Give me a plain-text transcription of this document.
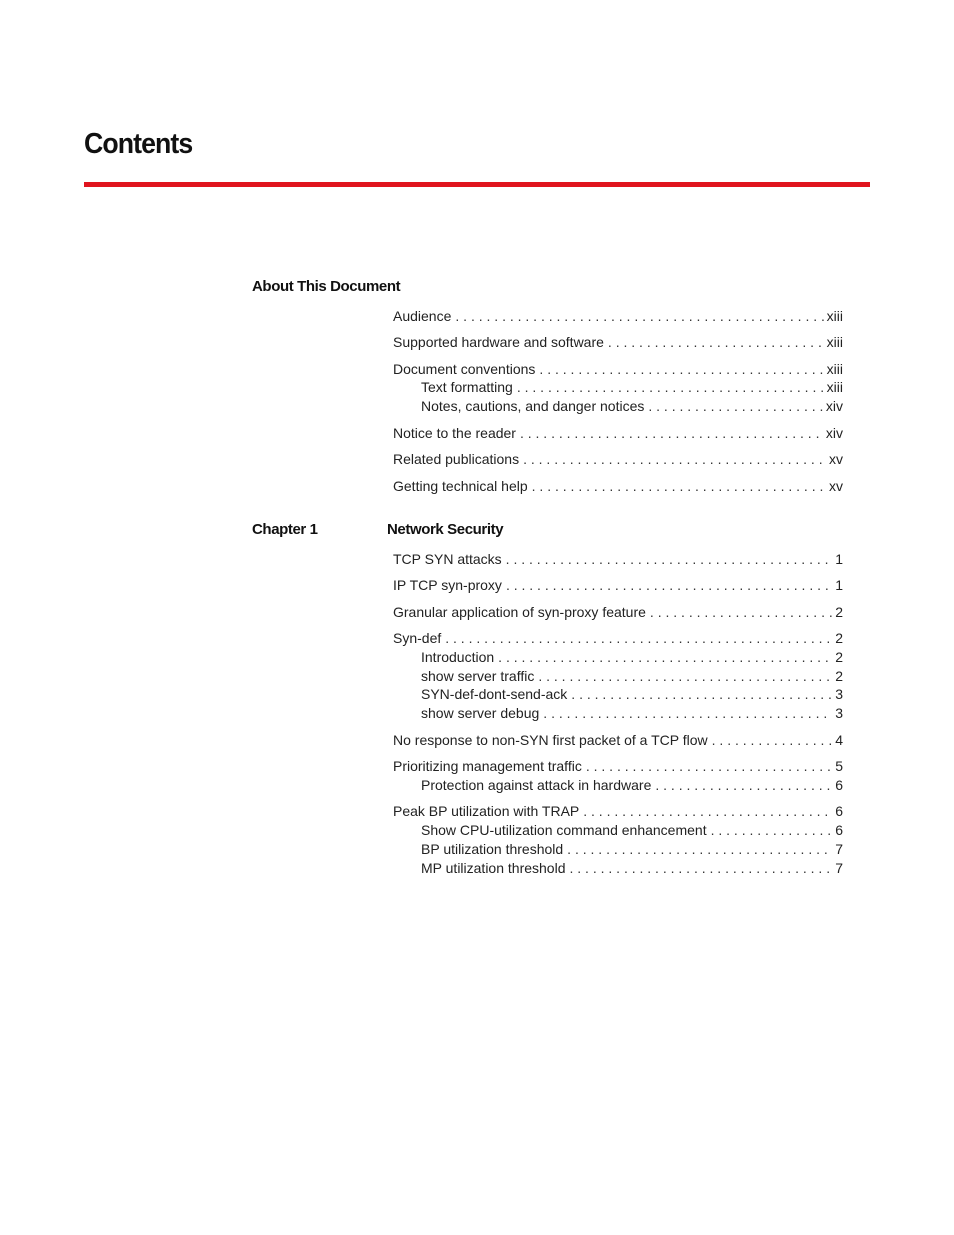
Contents
About This Document
Audience . . .	xiii
Supported hardware and software . . .	xiii
Document conventions . . .	xiii
Text formatting . . .	xiii
Notes, cautions, and danger notices . . .	xiv
Notice to the reader . . .	xiv
Related publications . . .	xv
Getting technical help . . .	xv
Chapter 1	Network Security
TCP SYN attacks . . .	1
IP TCP syn-proxy . . .	1
Granular application of syn-proxy feature . . .	2
Syn-def . . .	2
Introduction . . .	2
show server traffic . . .	2
SYN-def-dont-send-ack . . .	3
show server debug . . .	3
No response to non-SYN first packet of a TCP flow . . .	4
Prioritizing management traffic . . .	5
Protection against attack in hardware . . .	6
Peak BP utilization with TRAP . . .	6
Show CPU-utilization command enhancement . . .	6
BP utilization threshold . . .	7
MP utilization threshold . . .	7
